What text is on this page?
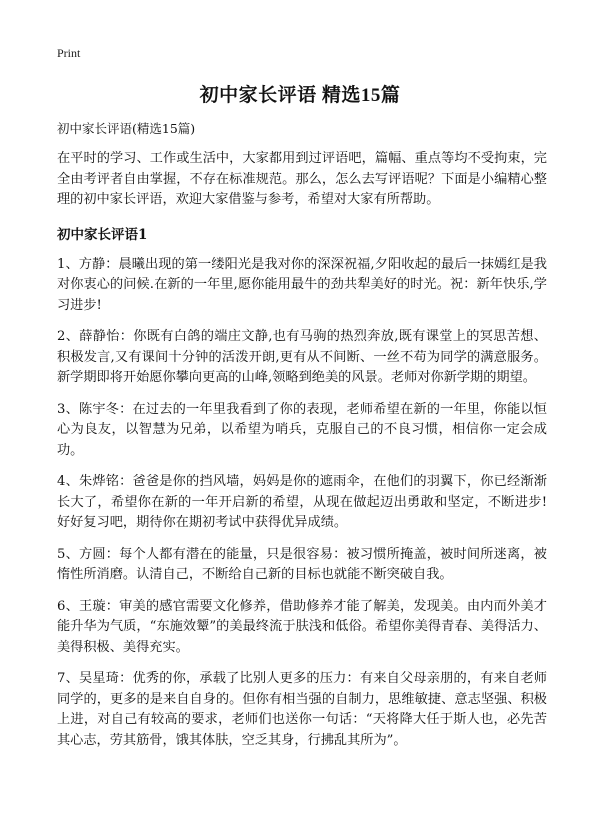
Print
初中家长评语 精选15篇

初中家长评语(精选15篇)

在平时的学习、工作或生活中，大家都用到过评语吧，篇幅、重点等均不受拘束，完全由考评者自由掌握，不存在标准规范。那么，怎么去写评语呢？下面是小编精心整理的初中家长评语，欢迎大家借鉴与参考，希望对大家有所帮助。

初中家长评语1

1、方静：晨曦出现的第一缕阳光是我对你的深深祝福,夕阳收起的最后一抹嫣红是我对你衷心的问候.在新的一年里,愿你能用最牛的劲共犁美好的时光。祝：新年快乐,学习进步!

2、薛静怡：你既有白鸽的端庄文静,也有马驹的热烈奔放,既有课堂上的冥思苦想、积极发言,又有课间十分钟的活泼开朗,更有从不间断、一丝不苟为同学的满意服务。新学期即将开始愿你攀向更高的山峰,领略到绝美的风景。老师对你新学期的期望。

3、陈宇冬：在过去的一年里我看到了你的表现，老师希望在新的一年里，你能以恒心为良友，以智慧为兄弟，以希望为哨兵，克服自己的不良习惯，相信你一定会成功。

4、朱烨铭：爸爸是你的挡风墙，妈妈是你的遮雨伞，在他们的羽翼下，你已经渐渐长大了，希望你在新的一年开启新的希望，从现在做起迈出勇敢和坚定，不断进步!好好复习吧，期待你在期初考试中获得优异成绩。

5、方圆：每个人都有潜在的能量，只是很容易：被习惯所掩盖，被时间所迷离，被惰性所消磨。认清自己，不断给自己新的目标也就能不断突破自我。

6、王璇：审美的感官需要文化修养，借助修养才能了解美，发现美。由内而外美才能升华为气质，“东施效颦”的美最终流于肤浅和低俗。希望你美得青春、美得活力、美得积极、美得充实。

7、吴星琦：优秀的你，承载了比别人更多的压力：有来自父母亲朋的，有来自老师同学的，更多的是来自自身的。但你有相当强的自制力，思维敏捷、意志坚强、积极上进，对自己有较高的要求，老师们也送你一句话：“天将降大任于斯人也，必先苦其心志，劳其筋骨，饿其体肤，空乏其身，行拂乱其所为”。
